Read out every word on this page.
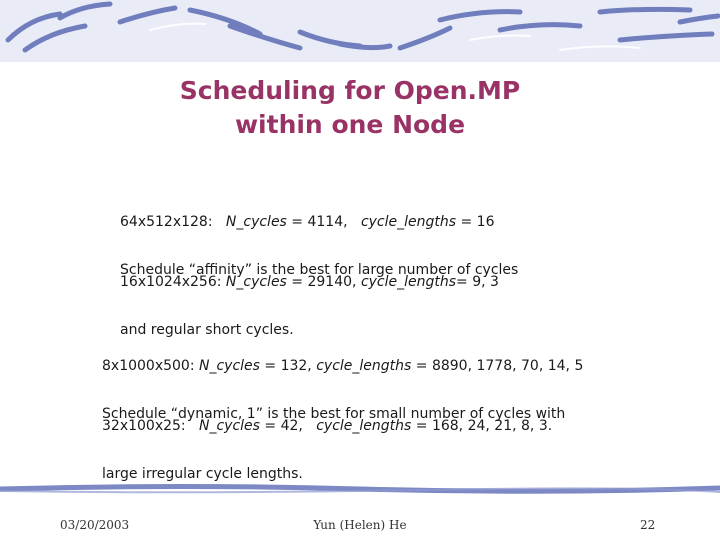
Scheduling for Open.MP
within one Node

64x512x128: N_cycles = 4114, cycle_lengths = 16

16x1024x256: N_cycles = 29140, cycle_lengths= 9, 3

Schedule “affinity” is the best for large number of cycles

and regular short cycles.

8x1000x500: N_cycles = 132, cycle_lengths = 8890, 1778, 70, 14, 5

32x100x25: N_cycles = 42, cycle_lengths = 168, 24, 21, 8, 3.

Schedule “dynamic, 1” is the best for small number of cycles with

large irregular cycle lengths.

03/20/2003	Yun (Helen) He	22
